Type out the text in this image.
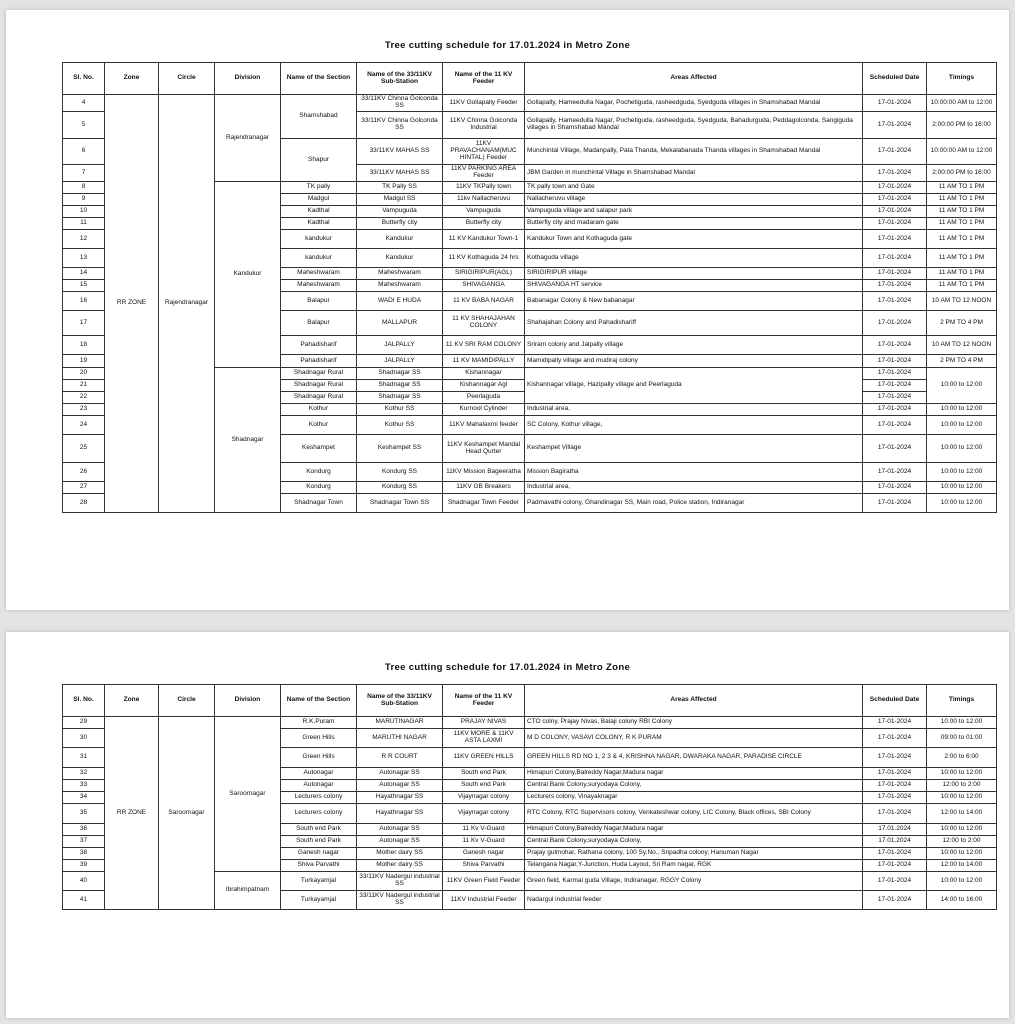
Tree cutting schedule for 17.01.2024 in Metro Zone
Sl. No.	Zone	Circle	Division	Name of the Section	Name of the 33/11KV Sub-Station	Name of the 11 KV Feeder	Areas Affected	Scheduled Date	Timings
4	RR ZONE	Rajendranagar	Rajendranagar	Shamshabad	33/11KV Chinna Golconda SS	11KV Gollapally Feeder	Gollapally, Hameedulla Nagar, Pochetiguda, rasheedguda, Syedguda villages in Shamshabad Mandal	17-01-2024	10:00:00 AM to 12:00
5					33/11KV Chinna Golconda SS	11KV Chinna Golconda Industrial	Gollapally, Hameedulla Nagar, Pochetiguda, rasheedguda, Syedguda, Bahadurguda, Peddagolconda, Sangiguda villages in Shamshabad Mandal	17-01-2024	2:00:00 PM to 16:00
6				Shapur	33/11KV MAHAS SS	11KV PRAVACHANAM(MUC HINTAL) Feeder	Munchintal Village, Madanpally, Pata Thanda, Mekalabanada Thanda villages in Shamshabad Mandal	17-01-2024	10:00:00 AM to 12:00
7					33/11KV MAHAS SS	11KV PARKING AREA Feeder	JBM Garden in munchintal Village in Shamshabad Mandal	17-01-2024	2:00:00 PM to 16:00
8			Kandukur	TK pally	TK Pally SS	11KV TKPally town	TK pally town and Gate	17-01-2024	11 AM TO 1 PM
9				Madgul	Madgul SS	11kv Nallacheruvu	Nallacheruvu village	17-01-2024	11 AM TO 1 PM
10				Kadthal	Vampuguda	Vampuguda	Vampuguda village and salapur park	17-01-2024	11 AM TO 1 PM
11				Kadthal	Butterfly city	Butterfly city	Butterfly city and madaram gate	17-01-2024	11 AM TO 1 PM
12				kandukur	Kandukur	11 KV Kandukur Town-1	Kandukur Town and Kothaguda gate	17-01-2024	11 AM TO 1 PM
13				kandukur	Kandukur	11 KV Kothaguda 24 hrs	Kothaguda village	17-01-2024	11 AM TO 1 PM
14				Maheshwaram	Maheshwaram	SIRIGIRIPUR(AGL)	SIRIGIRIPUR village	17-01-2024	11 AM TO 1 PM
15				Maheshwaram	Maheshwaram	SHIVAGANGA	SHIVAGANGA HT service	17-01-2024	11 AM TO 1 PM
16				Balapur	WADI E HUDA	11 KV BABA NAGAR	Babanagar Colony & New babanagar	17-01-2024	10 AM TO 12 NOON
17				Balapur	MALLAPUR	11 KV SHAHAJAHAN COLONY	Shahajahan Colony and Pahadishariff	17-01-2024	2 PM TO 4 PM
18				Pahadisharif	JALPALLY	11 KV SRI RAM COLONY	Sriram colony and Jalpally village	17-01-2024	10 AM TO 12 NOON
19				Pahadisharif	JALPALLY	11 KV MAMIDIPALLY	Mamidipally village and mudiraj colony	17-01-2024	2 PM TO 4 PM
20			Shadnagar	Shadnagar Rural	Shadnagar SS	Kishannagar	Kishannagar village, Hazipally village and Peerlaguda	17-01-2024	10:00 to 12:00
21				Shadnagar Rural	Shadnagar SS	Kishannagar Agl		17-01-2024	
22				Shadnagar Rural	Shadnagar SS	Peerlaguda		17-01-2024	
23				Kothur	Kothur SS	Kurnool Cylinder	Industrial area,	17-01-2024	10:00 to 12:00
24				Kothur	Kothur SS	11KV Mahalaxmi feeder	SC Colony, Kothur village,	17-01-2024	10:00 to 12:00
25				Keshampet	Keshampet SS	11KV Keshampet Mandal Head Qurter	Keshampet Village	17-01-2024	10:00 to 12:00
26				Kondurg	Kondurg SS	11KV Mission Bageeratha	Mission Bagiratha	17-01-2024	10:00 to 12:00
27				Kondurg	Kondurg SS	11KV GB Breakers	Industrial area,	17-01-2024	10:00 to 12:00
28				Shadnagar Town	Shadnagar Town SS	Shadnagar Town Feeder	Padmavathi colony, Ghandinagar SS, Main road, Police station, Indiranagar	17-01-2024	10:00 to 12:00
Tree cutting schedule for 17.01.2024 in Metro Zone
Sl. No.	Zone	Circle	Division	Name of the Section	Name of the 33/11KV Sub-Station	Name of the 11 KV Feeder	Areas Affected	Scheduled Date	Timings
29	RR ZONE	Saroornagar	Saroornagar	R.K.Puram	MARUTINAGAR	PRAJAY NIVAS	CTO colny, Prajay Nivas, Balaji colony RBI Colony	17-01-2024	10.00 to 12.00
30				Green Hills	MARUTHI NAGAR	11KV MORE & 11KV ASTA LAXMI	M D COLONY, VASAVI COLONY, R K PURAM	17-01-2024	09:00 to 01:00
31				Green Hills	R R COURT	11KV GREEN HILLS	GREEN HILLS RD NO 1, 2 3 & 4, KRISHNA NAGAR, DWARAKA NAGAR, PARADISE CIRCLE	17-01-2024	2:00 to 6:00
32				Autonagar	Autonagar SS	South end Park	Himapuri Colony,Balreddy Nagar,Madura nagar	17-01-2024	10:00 to 12:00
33				Autonagar	Autonagar SS	South end Park	Central Bank Colony,suryodaya Colony,	17-01-2024	12:00 to 2:00
34				Lecturers colony	Hayathnagar SS	Vijaynagar colony	Lecturers colony, Vinayaknagar	17-01-2024	10:00 to 12:00
35				Lecturers colony	Hayathnagar SS	Vijaynagar colony	RTC Colony, RTC Supervisors colony, Venkateshwar colony, LIC Colony, Black offices, SBI Colony	17-01-2024	12:00 to 14:00
36				South end Park	Autonagar SS	11 Kv V-Guard	Himapuri Colony,Balreddy Nagar,Madura nagar	17.01.2024	10:00 to 12:00
37				South end Park	Autonagar SS	11 Kv V-Guard	Central Bank Colony,suryodaya Colony,	17.01.2024	12:00 to 2:00
38				Ganesh nagar	Mother dairy SS	Ganesh nagar	Prajay gulmohar, Rathana colony, 100 Sy.No., Sripadha colony, Hanuman Nagar	17-01-2024	10:00 to 12:00
39				Shiva Parvathi	Mother dairy SS	Shiva Parvathi	Telangana Nagar,Y-Junction, Huda Layout, Sri Ram nagar, RGK	17-01-2024	12:00 to 14:00
40			Ibrahimpatnam	Turkayamjal	33/11KV Nadergul industrial SS	11KV Green Field Feeder	Green field, Karmal guda Village, Indiranagar, RGGY Colony	17-01-2024	10:00 to 12:00
41				Turkayamjal	33/11KV Nadergul industrial SS	11KV Industrial Feeder	Nadargul industrial feeder	17-01-2024	14:00 to 16:00
